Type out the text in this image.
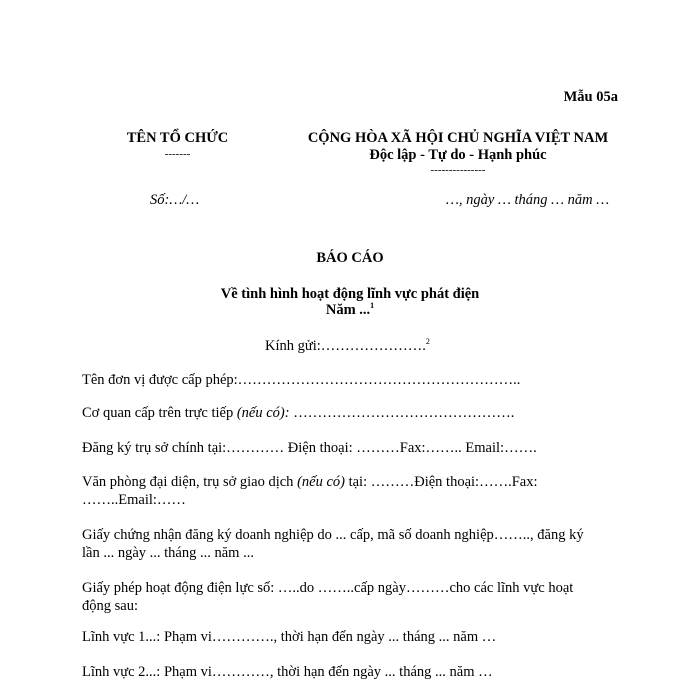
Mẫu 05a
TÊN TỔ CHỨC
-------
CỘNG HÒA XÃ HỘI CHỦ NGHĨA VIỆT NAM
Độc lập - Tự do - Hạnh phúc
---------------
Số:…/…	…, ngày … tháng … năm …
BÁO CÁO
Về tình hình hoạt động lĩnh vực phát điện
Năm ...$^1$
Kính gửi:………………….$^2$
Tên đơn vị được cấp phép:…………………………………………………..
Cơ quan cấp trên trực tiếp (nếu có): ……………………………………….
Đăng ký trụ sở chính tại:………… Điện thoại: ………Fax:…….. Email:…….
Văn phòng đại diện, trụ sở giao dịch (nếu có) tại: ………Điện thoại:…….Fax: ……..Email:……
Giấy chứng nhận đăng ký doanh nghiệp do ... cấp, mã số doanh nghiệp…….., đăng ký lần ... ngày ... tháng ... năm ...
Giấy phép hoạt động điện lực số: …..do ……..cấp ngày………cho các lĩnh vực hoạt động sau:
Lĩnh vực 1...: Phạm vi…………., thời hạn đến ngày ... tháng ... năm …
Lĩnh vực 2...: Phạm vi…………, thời hạn đến ngày ... tháng ... năm …
